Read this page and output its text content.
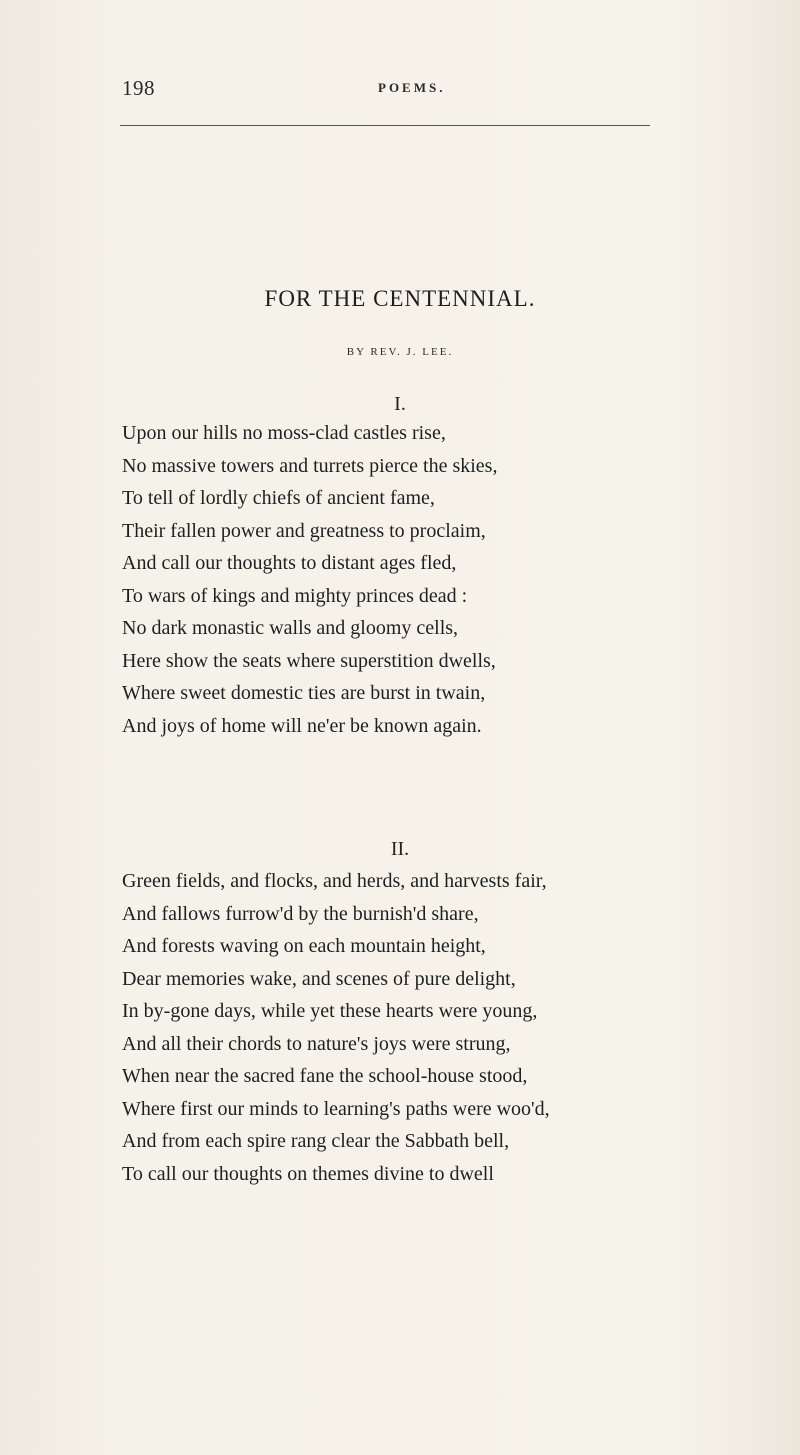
198	POEMS.
FOR THE CENTENNIAL.
BY REV. J. LEE.
I.
Upon our hills no moss-clad castles rise,
No massive towers and turrets pierce the skies,
To tell of lordly chiefs of ancient fame,
Their fallen power and greatness to proclaim,
And call our thoughts to distant ages fled,
To wars of kings and mighty princes dead :
No dark monastic walls and gloomy cells,
Here show the seats where superstition dwells,
Where sweet domestic ties are burst in twain,
And joys of home will ne'er be known again.
II.
Green fields, and flocks, and herds, and harvests fair,
And fallows furrow'd by the burnish'd share,
And forests waving on each mountain height,
Dear memories wake, and scenes of pure delight,
In by-gone days, while yet these hearts were young,
And all their chords to nature's joys were strung,
When near the sacred fane the school-house stood,
Where first our minds to learning's paths were woo'd,
And from each spire rang clear the Sabbath bell,
To call our thoughts on themes divine to dwell
